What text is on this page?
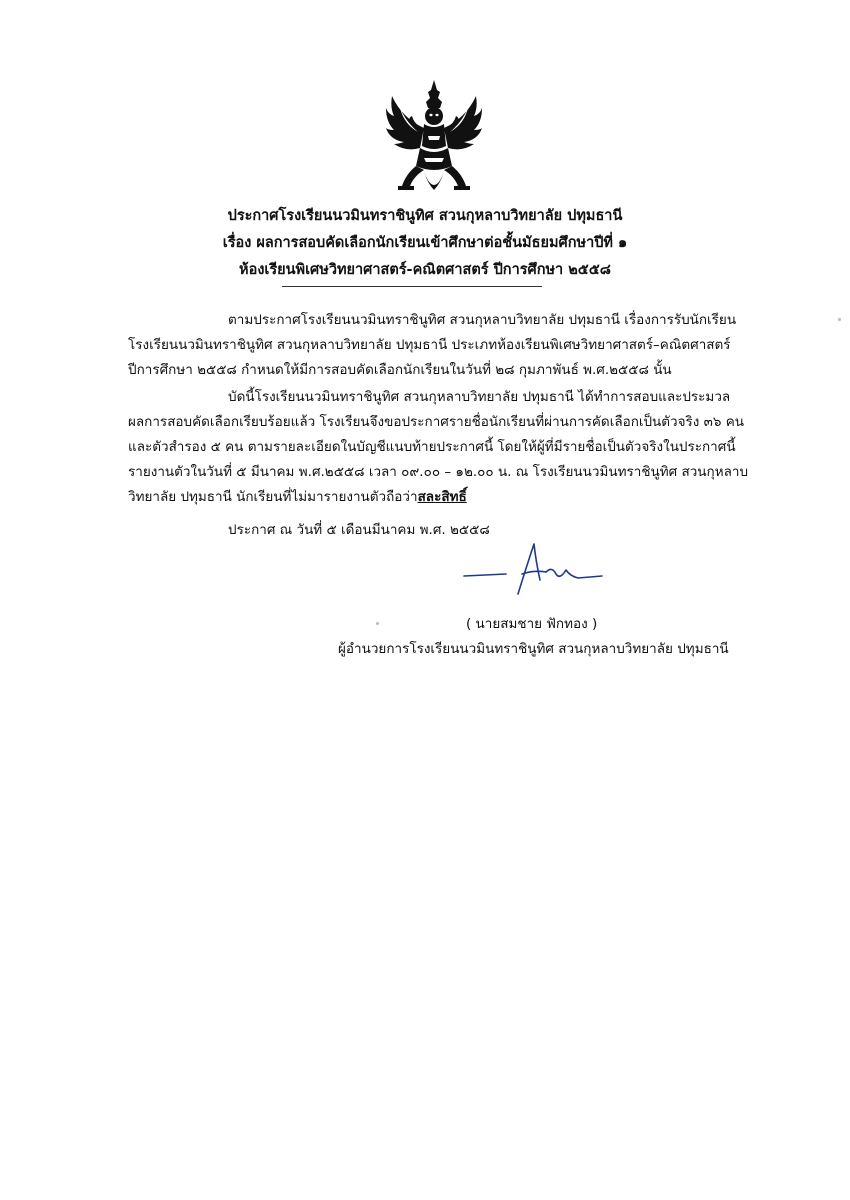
ประกาศโรงเรียนนวมินทราชินูทิศ สวนกุหลาบวิทยาลัย ปทุมธานี
เรื่อง ผลการสอบคัดเลือกนักเรียนเข้าศึกษาต่อชั้นมัธยมศึกษาปีที่ ๑
ห้องเรียนพิเศษวิทยาศาสตร์-คณิตศาสตร์ ปีการศึกษา ๒๕๕๘
ตามประกาศโรงเรียนนวมินทราชินูทิศ สวนกุหลาบวิทยาลัย ปทุมธานี เรื่องการรับนักเรียน
โรงเรียนนวมินทราชินูทิศ สวนกุหลาบวิทยาลัย ปทุมธานี ประเภทห้องเรียนพิเศษวิทยาศาสตร์–คณิตศาสตร์
ปีการศึกษา ๒๕๕๘ กำหนดให้มีการสอบคัดเลือกนักเรียนในวันที่ ๒๘ กุมภาพันธ์ พ.ศ.๒๕๕๘ นั้น
บัดนี้โรงเรียนนวมินทราชินูทิศ สวนกุหลาบวิทยาลัย ปทุมธานี ได้ทำการสอบและประมวล
ผลการสอบคัดเลือกเรียบร้อยแล้ว โรงเรียนจึงขอประกาศรายชื่อนักเรียนที่ผ่านการคัดเลือกเป็นตัวจริง ๓๖ คน
และตัวสำรอง ๕ คน ตามรายละเอียดในบัญชีแนบท้ายประกาศนี้ โดยให้ผู้ที่มีรายชื่อเป็นตัวจริงในประกาศนี้
รายงานตัวในวันที่ ๕ มีนาคม พ.ศ.๒๕๕๘ เวลา ๐๙.๐๐ – ๑๒.๐๐ น. ณ โรงเรียนนวมินทราชินูทิศ สวนกุหลาบ
วิทยาลัย ปทุมธานี นักเรียนที่ไม่มารายงานตัวถือว่าสละสิทธิ์
ประกาศ ณ วันที่ ๕ เดือนมีนาคม พ.ศ. ๒๕๕๘
( นายสมชาย ฟักทอง )
ผู้อำนวยการโรงเรียนนวมินทราชินูทิศ สวนกุหลาบวิทยาลัย ปทุมธานี
